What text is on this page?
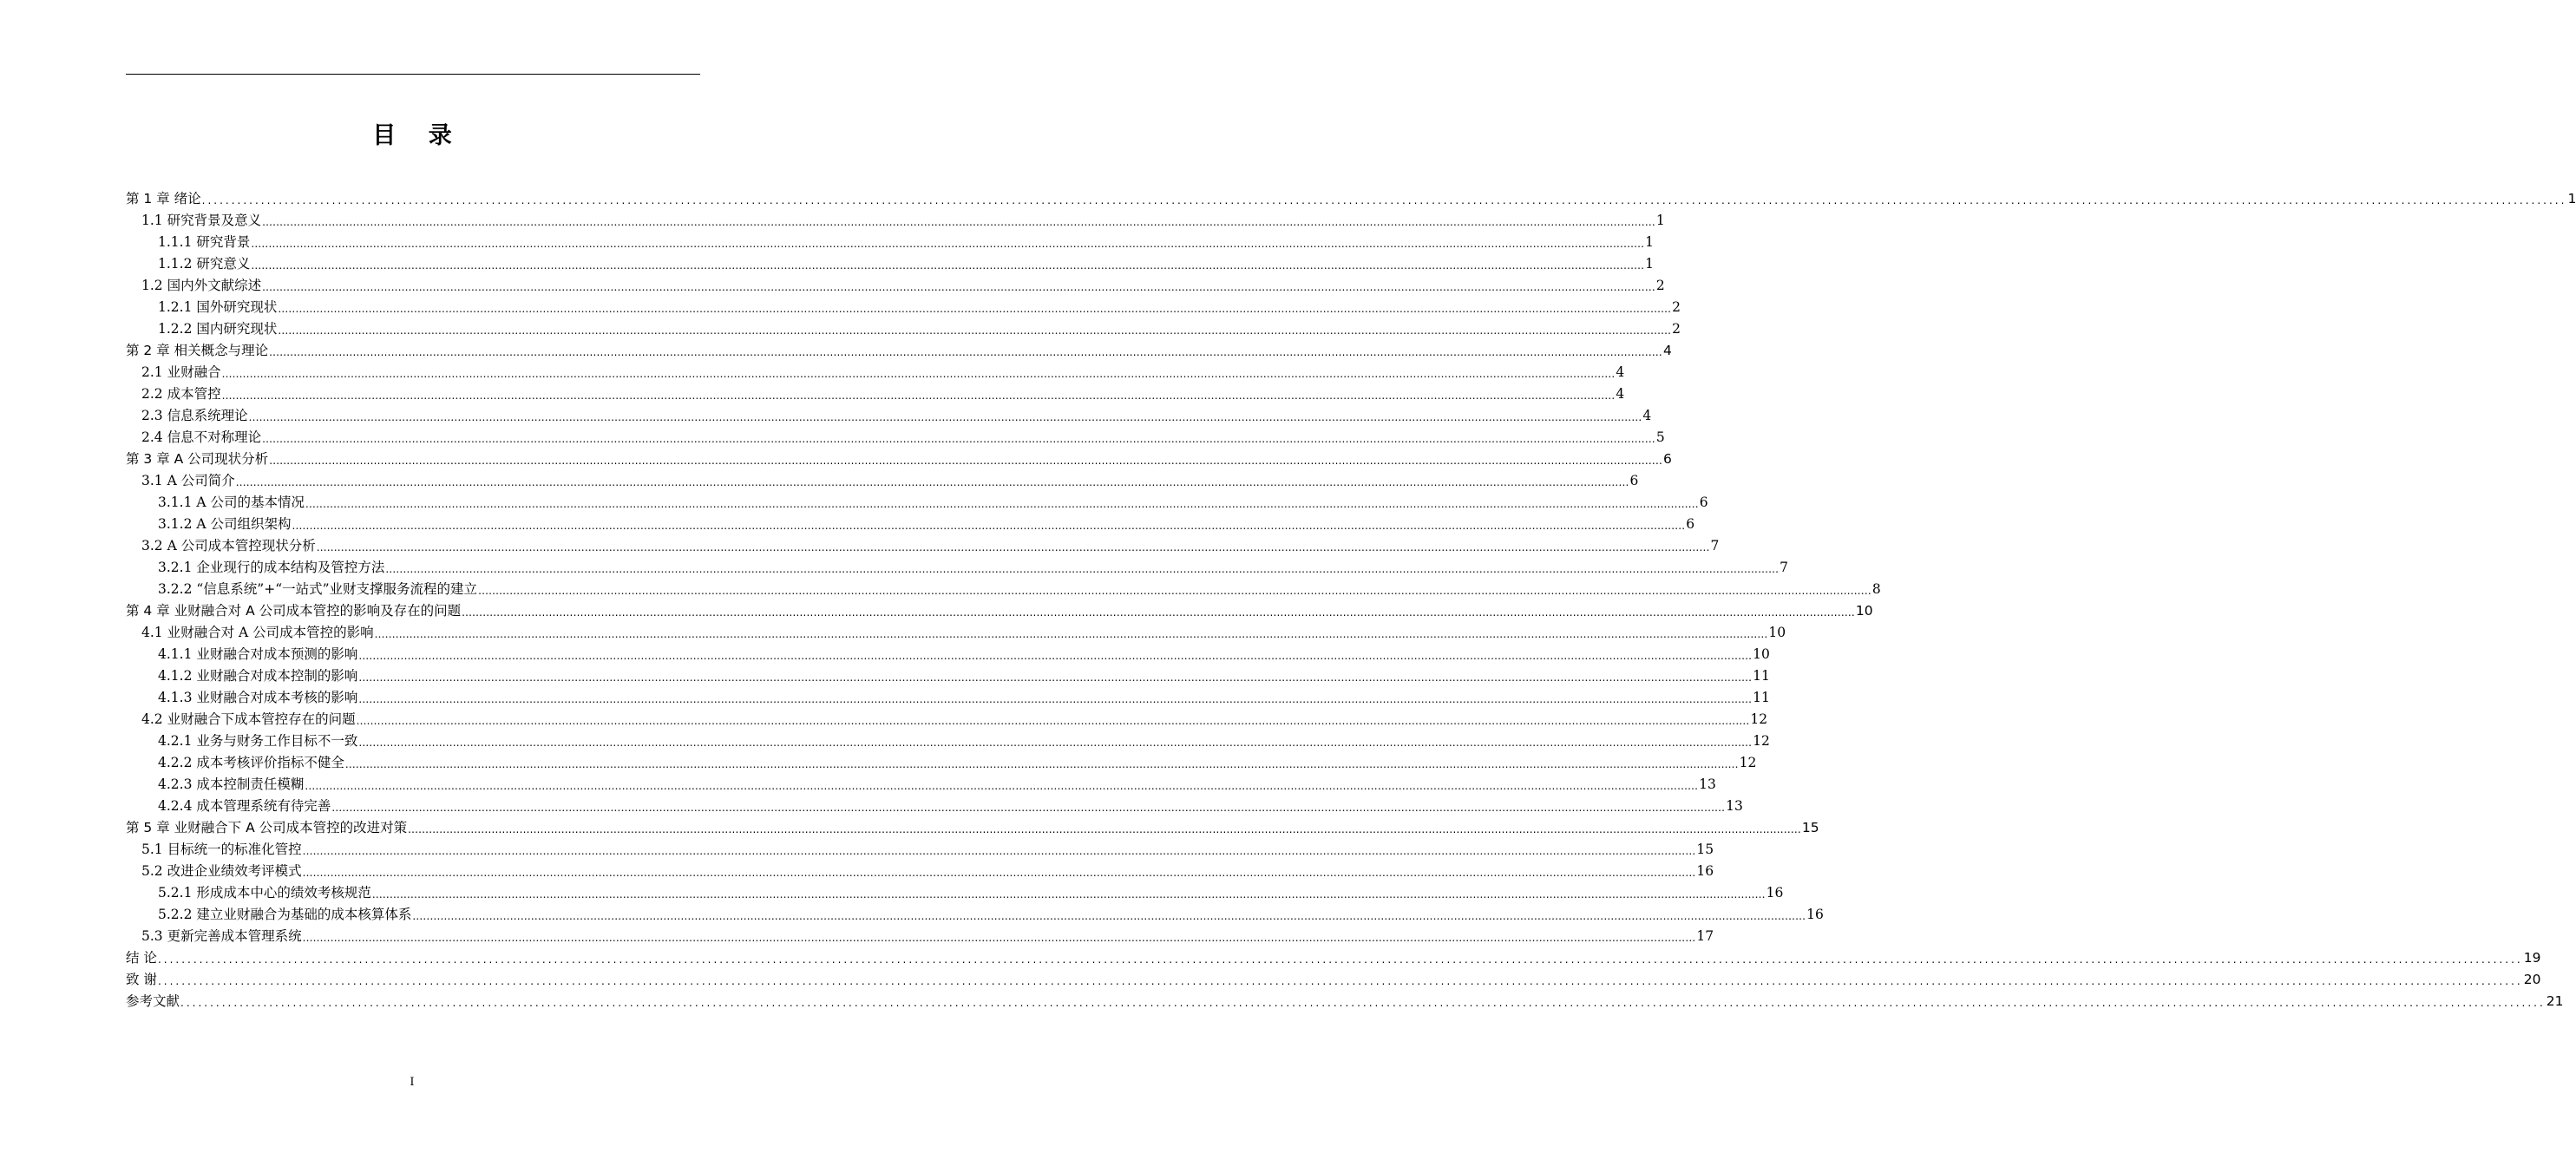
目 录
第 1 章 绪论 ................................................................................................................................................................................................................................................................................................................................................................................................................ 1
1.1 研究背景及意义 ................................................................................................................................................................................................................................................................................................................................................................................................................ 1
1.1.1 研究背景 ................................................................................................................................................................................................................................................................................................................................................................................................................ 1
1.1.2 研究意义 ................................................................................................................................................................................................................................................................................................................................................................................................................ 1
1.2 国内外文献综述 ................................................................................................................................................................................................................................................................................................................................................................................................................ 2
1.2.1 国外研究现状 ................................................................................................................................................................................................................................................................................................................................................................................................................ 2
1.2.2 国内研究现状 ................................................................................................................................................................................................................................................................................................................................................................................................................ 2
第 2 章 相关概念与理论 ................................................................................................................................................................................................................................................................................................................................................................................................................ 4
2.1 业财融合 ................................................................................................................................................................................................................................................................................................................................................................................................................ 4
2.2 成本管控 ................................................................................................................................................................................................................................................................................................................................................................................................................ 4
2.3 信息系统理论 ................................................................................................................................................................................................................................................................................................................................................................................................................ 4
2.4 信息不对称理论 ................................................................................................................................................................................................................................................................................................................................................................................................................ 5
第 3 章 A 公司现状分析 ................................................................................................................................................................................................................................................................................................................................................................................................................ 6
3.1 A 公司简介 ................................................................................................................................................................................................................................................................................................................................................................................................................ 6
3.1.1 A 公司的基本情况 ................................................................................................................................................................................................................................................................................................................................................................................................................ 6
3.1.2 A 公司组织架构 ................................................................................................................................................................................................................................................................................................................................................................................................................ 6
3.2 A 公司成本管控现状分析 ................................................................................................................................................................................................................................................................................................................................................................................................................ 7
3.2.1 企业现行的成本结构及管控方法 ................................................................................................................................................................................................................................................................................................................................................................................................................ 7
3.2.2 “信息系统”+“一站式”业财支撑服务流程的建立 ................................................................................................................................................................................................................................................................................................................................................................................................................ 8
第 4 章 业财融合对 A 公司成本管控的影响及存在的问题 ................................................................................................................................................................................................................................................................................................................................................................................................................ 10
4.1 业财融合对 A 公司成本管控的影响 ................................................................................................................................................................................................................................................................................................................................................................................................................ 10
4.1.1 业财融合对成本预测的影响 ................................................................................................................................................................................................................................................................................................................................................................................................................ 10
4.1.2 业财融合对成本控制的影响 ................................................................................................................................................................................................................................................................................................................................................................................................................ 11
4.1.3 业财融合对成本考核的影响 ................................................................................................................................................................................................................................................................................................................................................................................................................ 11
4.2 业财融合下成本管控存在的问题 ................................................................................................................................................................................................................................................................................................................................................................................................................ 12
4.2.1 业务与财务工作目标不一致 ................................................................................................................................................................................................................................................................................................................................................................................................................ 12
4.2.2 成本考核评价指标不健全 ................................................................................................................................................................................................................................................................................................................................................................................................................ 12
4.2.3 成本控制责任模糊 ................................................................................................................................................................................................................................................................................................................................................................................................................ 13
4.2.4 成本管理系统有待完善 ................................................................................................................................................................................................................................................................................................................................................................................................................ 13
第 5 章 业财融合下 A 公司成本管控的改进对策 ................................................................................................................................................................................................................................................................................................................................................................................................................ 15
5.1 目标统一的标准化管控 ................................................................................................................................................................................................................................................................................................................................................................................................................ 15
5.2 改进企业绩效考评模式 ................................................................................................................................................................................................................................................................................................................................................................................................................ 16
5.2.1 形成成本中心的绩效考核规范 ................................................................................................................................................................................................................................................................................................................................................................................................................ 16
5.2.2 建立业财融合为基础的成本核算体系 ................................................................................................................................................................................................................................................................................................................................................................................................................ 16
5.3 更新完善成本管理系统 ................................................................................................................................................................................................................................................................................................................................................................................................................ 17
结 论 ................................................................................................................................................................................................................................................................................................................................................................................................................ 19
致 谢 ................................................................................................................................................................................................................................................................................................................................................................................................................ 20
参考文献 ................................................................................................................................................................................................................................................................................................................................................................................................................ 21
I
